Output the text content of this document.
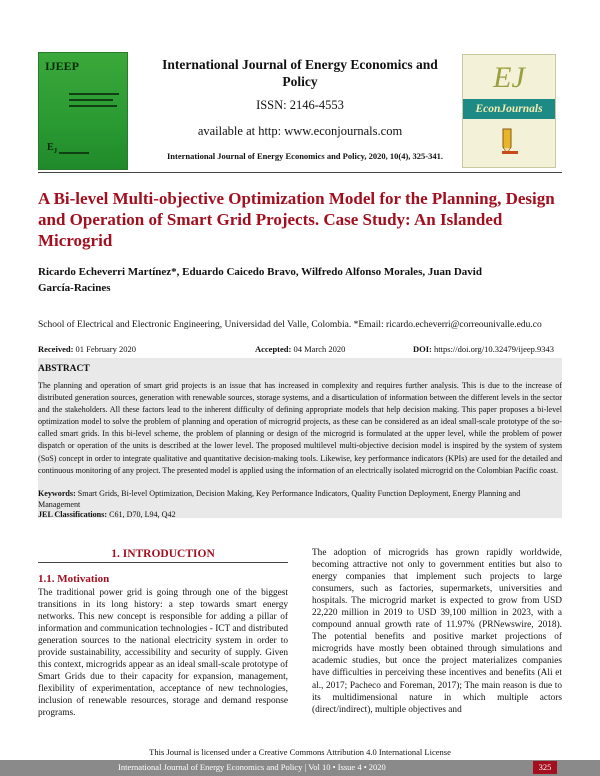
IJEEP
$E_J$
International Journal of Energy Economics and Policy
ISSN: 2146-4553
available at http: www.econjournals.com
International Journal of Energy Economics and Policy, 2020, 10(4), 325-341.
EJ
EconJournals
A Bi-level Multi-objective Optimization Model for the Planning, Design and Operation of Smart Grid Projects. Case Study: An Islanded Microgrid
Ricardo Echeverri Martínez*, Eduardo Caicedo Bravo, Wilfredo Alfonso Morales, Juan David García-Racines
School of Electrical and Electronic Engineering, Universidad del Valle, Colombia. *Email: ricardo.echeverri@correounivalle.edu.co
Received: 01 February 2020	Accepted: 04 March 2020	DOI: https://doi.org/10.32479/ijeep.9343
ABSTRACT
The planning and operation of smart grid projects is an issue that has increased in complexity and requires further analysis. This is due to the increase of distributed generation sources, generation with renewable sources, storage systems, and a disarticulation of information between the different levels in the sector and the stakeholders. All these factors lead to the inherent difficulty of defining appropriate models that help decision making. This paper proposes a bi-level optimization model to solve the problem of planning and operation of microgrid projects, as these can be considered as an ideal small-scale prototype of the so-called smart grids. In this bi-level scheme, the problem of planning or design of the microgrid is formulated at the upper level, while the problem of power dispatch or operation of the units is described at the lower level. The proposed multilevel multi-objective decision model is inspired by the system of system (SoS) concept in order to integrate qualitative and quantitative decision-making tools. Likewise, key performance indicators (KPIs) are used for the detailed and continuous monitoring of any project. The presented model is applied using the information of an electrically isolated microgrid on the Colombian Pacific coast.
Keywords: Smart Grids, Bi-level Optimization, Decision Making, Key Performance Indicators, Quality Function Deployment, Energy Planning and Management
JEL Classifications: C61, D70, L94, Q42
1. INTRODUCTION
1.1. Motivation
The traditional power grid is going through one of the biggest transitions in its long history: a step towards smart energy networks. This new concept is responsible for adding a pillar of information and communication technologies - ICT and distributed generation sources to the national electricity system in order to provide sustainability, accessibility and security of supply. Given this context, microgrids appear as an ideal small-scale prototype of Smart Grids due to their capacity for expansion, management, flexibility of experimentation, acceptance of new technologies, inclusion of renewable resources, storage and demand response programs.
The adoption of microgrids has grown rapidly worldwide, becoming attractive not only to government entities but also to energy companies that implement such projects to large consumers, such as factories, supermarkets, universities and hospitals. The microgrid market is expected to grow from USD 22,220 million in 2019 to USD 39,100 million in 2023, with a compound annual growth rate of 11.97% (PRNewswire, 2018). The potential benefits and positive market projections of microgrids have mostly been obtained through simulations and academic studies, but once the project materializes companies have difficulties in perceiving these incentives and benefits (Ali et al., 2017; Pacheco and Foreman, 2017); The main reason is due to its multidimensional nature in which multiple actors (direct/indirect), multiple objectives and
This Journal is licensed under a Creative Commons Attribution 4.0 International License
International Journal of Energy Economics and Policy | Vol 10 • Issue 4 • 2020	325
